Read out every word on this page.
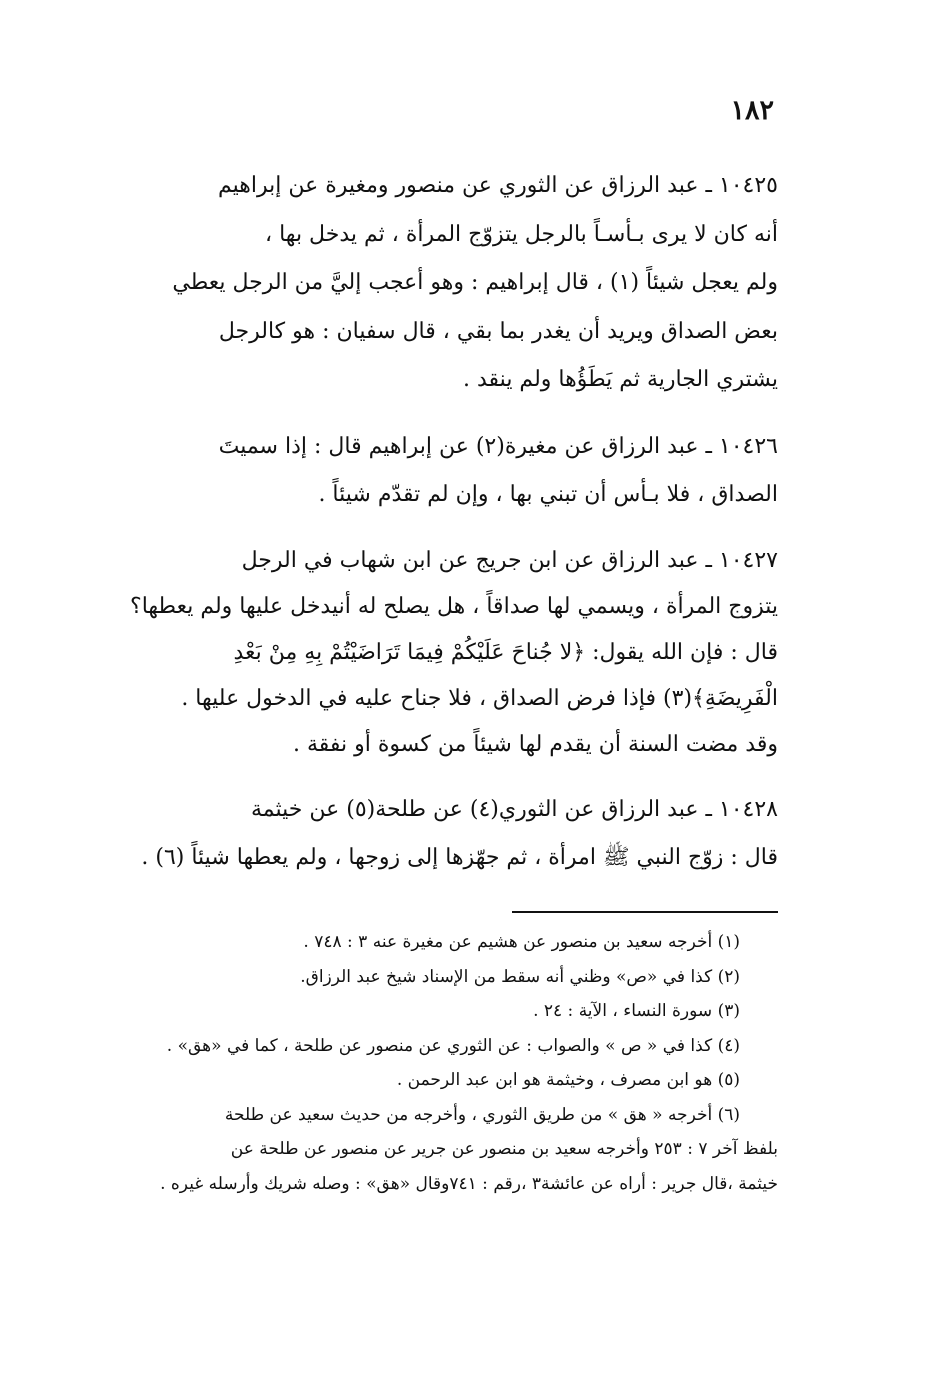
١٨٢
١٠٤٢٥ ـ عبد الرزاق عن الثوري عن منصور ومغيرة عن إبراهيم
أنه كان لا يرى بـأسـاً بالرجل يتزوّج المرأة ، ثم يدخل بها ،
ولم يعجل شيئاً (١) ، قال إبراهيم : وهو أعجب إليَّ من الرجل يعطي
بعض الصداق ويريد أن يغدر بما بقي ، قال سفيان : هو كالرجل
يشتري الجارية ثم يَطَؤُها ولم ينقد .
١٠٤٢٦ ـ عبد الرزاق عن مغيرة(٢) عن إبراهيم قال : إذا سميتَ
الصداق ، فلا بـأس أن تبني بها ، وإن لم تقدّم شيئاً .
١٠٤٢٧ ـ عبد الرزاق عن ابن جريج عن ابن شهاب في الرجل
يتزوج المرأة ، ويسمي لها صداقاً ، هل يصلح له أنيدخل عليها ولم يعطها؟
قال : فإن الله يقول: ﴿لا جُناحَ عَلَيْكُمْ فِيمَا تَرَاضَيْتُمْ بِهِ مِنْ بَعْدِ
الْفَرِيضَةِ﴾(٣) فإذا فرض الصداق ، فلا جناح عليه في الدخول عليها .
وقد مضت السنة أن يقدم لها شيئاً من كسوة أو نفقة .
١٠٤٢٨ ـ عبد الرزاق عن الثوري(٤) عن طلحة(٥) عن خيثمة
قال : زوّج النبي ﷺ امرأة ، ثم جهّزها إلى زوجها ، ولم يعطها شيئاً (٦) .
(١) أخرجه سعيد بن منصور عن هشيم عن مغيرة عنه ٣ : ٧٤٨ .
(٢) كذا في «ص» وظني أنه سقط من الإسناد شيخ عبد الرزاق.
(٣) سورة النساء ، الآية : ٢٤ .
(٤) كذا في « ص » والصواب : عن الثوري عن منصور عن طلحة ، كما في «هق» .
(٥) هو ابن مصرف ، وخيثمة هو ابن عبد الرحمن .
(٦) أخرجه « هق » من طريق الثوري ، وأخرجه من حديث سعيد عن طلحة
بلفظ آخر ٧ : ٢٥٣ وأخرجه سعيد بن منصور عن جرير عن منصور عن طلحة عن
خيثمة ،قال جرير : أراه عن عائشة٣ ،رقم : ٧٤١وقال «هق» : وصله شريك وأرسله غيره .
